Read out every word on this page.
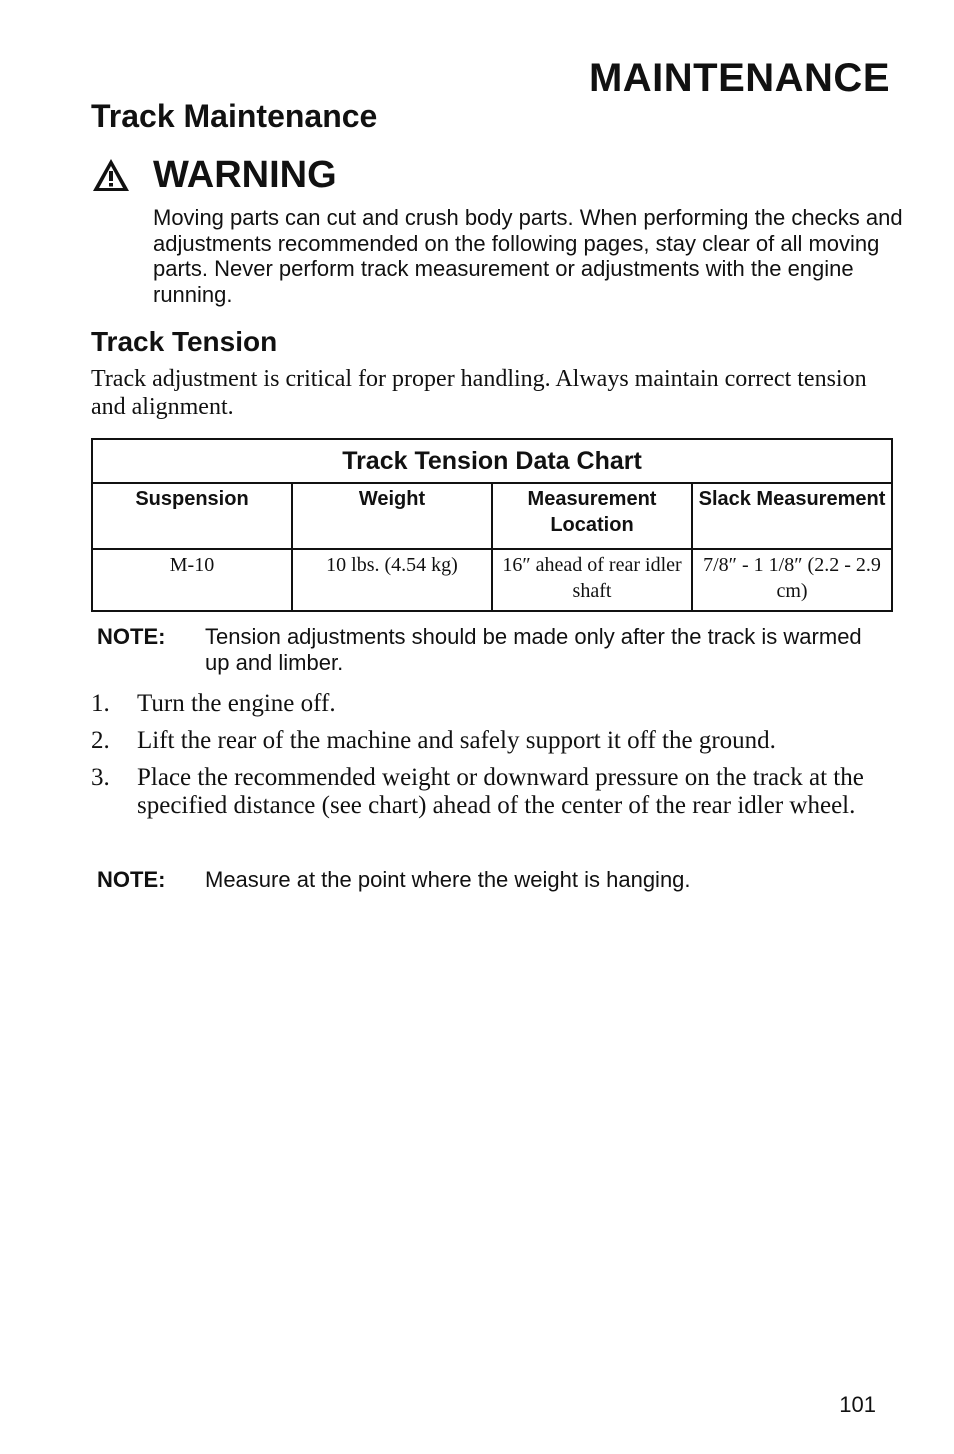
MAINTENANCE
Track Maintenance
WARNING
Moving parts can cut and crush body parts. When performing the checks and adjustments recommended on the following pages, stay clear of all moving parts. Never perform track measurement or adjustments with the engine running.
Track Tension
Track adjustment is critical for proper handling. Always maintain correct tension and alignment.
Track Tension Data Chart			
Suspension	Weight	Measurement Location	Slack Measurement
M-10	10 lbs. (4.54 kg)	16″ ahead of rear idler shaft	7/8″ - 1 1/8″ (2.2 - 2.9 cm)
NOTE:	Tension adjustments should be made only after the track is warmed up and limber.
1.	Turn the engine off.
2.	Lift the rear of the machine and safely support it off the ground.
3.	Place the recommended weight or downward pressure on the track at the specified distance (see chart) ahead of the center of the rear idler wheel.
NOTE:	Measure at the point where the weight is hanging.
101
